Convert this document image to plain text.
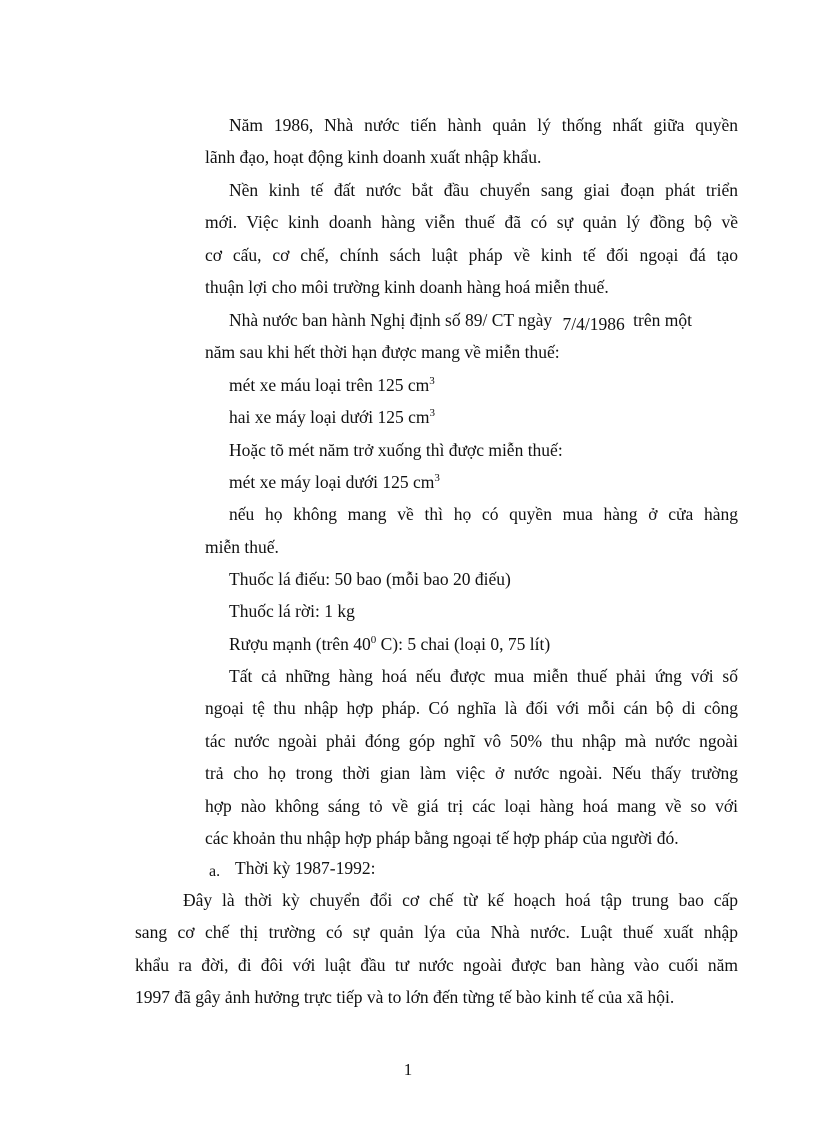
Năm 1986, Nhà nước tiến hành quản lý thống nhất giữa quyền
lãnh đạo, hoạt động kinh doanh xuất nhập khẩu.
Nền kinh tế đất nước bắt đầu chuyển sang giai đoạn phát triển
mới. Việc kinh doanh hàng viễn thuế đã có sự quản lý đồng bộ về
cơ cấu, cơ chế, chính sách luật pháp về kinh tế đối ngoại đá tạo
thuận lợi cho môi trường kinh doanh hàng hoá miễn thuế.
Nhà nước ban hành Nghị định số 89/ CT ngày 7/4/1986 trên một
năm sau khi hết thời hạn được mang về miễn thuế:
mét xe máu loại trên 125 $cm^3$
hai xe máy loại dưới 125 $cm^3$
Hoặc tõ mét năm trở xuống thì được miễn thuế:
mét xe máy loại dưới 125 $cm^3$
nếu họ không mang về thì họ có quyền mua hàng ở cửa hàng
miễn thuế.
Thuốc lá điếu: 50 bao (mỗi bao 20 điếu)
Thuốc lá rời: 1 kg
Rượu mạnh (trên $40^0$ C): 5 chai (loại 0, 75 lít)
Tất cả những hàng hoá nếu được mua miễn thuế phải ứng với số
ngoại tệ thu nhập hợp pháp. Có nghĩa là đối với mỗi cán bộ di công
tác nước ngoài phải đóng góp nghĩ vô 50% thu nhập mà nước ngoài
trả cho họ trong thời gian làm việc ở nước ngoài. Nếu thấy trường
hợp nào không sáng tỏ về giá trị các loại hàng hoá mang về so với
các khoản thu nhập hợp pháp bằng ngoại tế hợp pháp của người đó.
a. Thời kỳ 1987-1992:
Đây là thời kỳ chuyển đổi cơ chế từ kế hoạch hoá tập trung bao cấp
sang cơ chế thị trường có sự quản lýa của Nhà nước. Luật thuế xuất nhập
khẩu ra đời, đi đôi với luật đầu tư nước ngoài được ban hàng vào cuối năm
1997 đã gây ảnh hưởng trực tiếp và to lớn đến từng tế bào kinh tế của xã hội.
1
